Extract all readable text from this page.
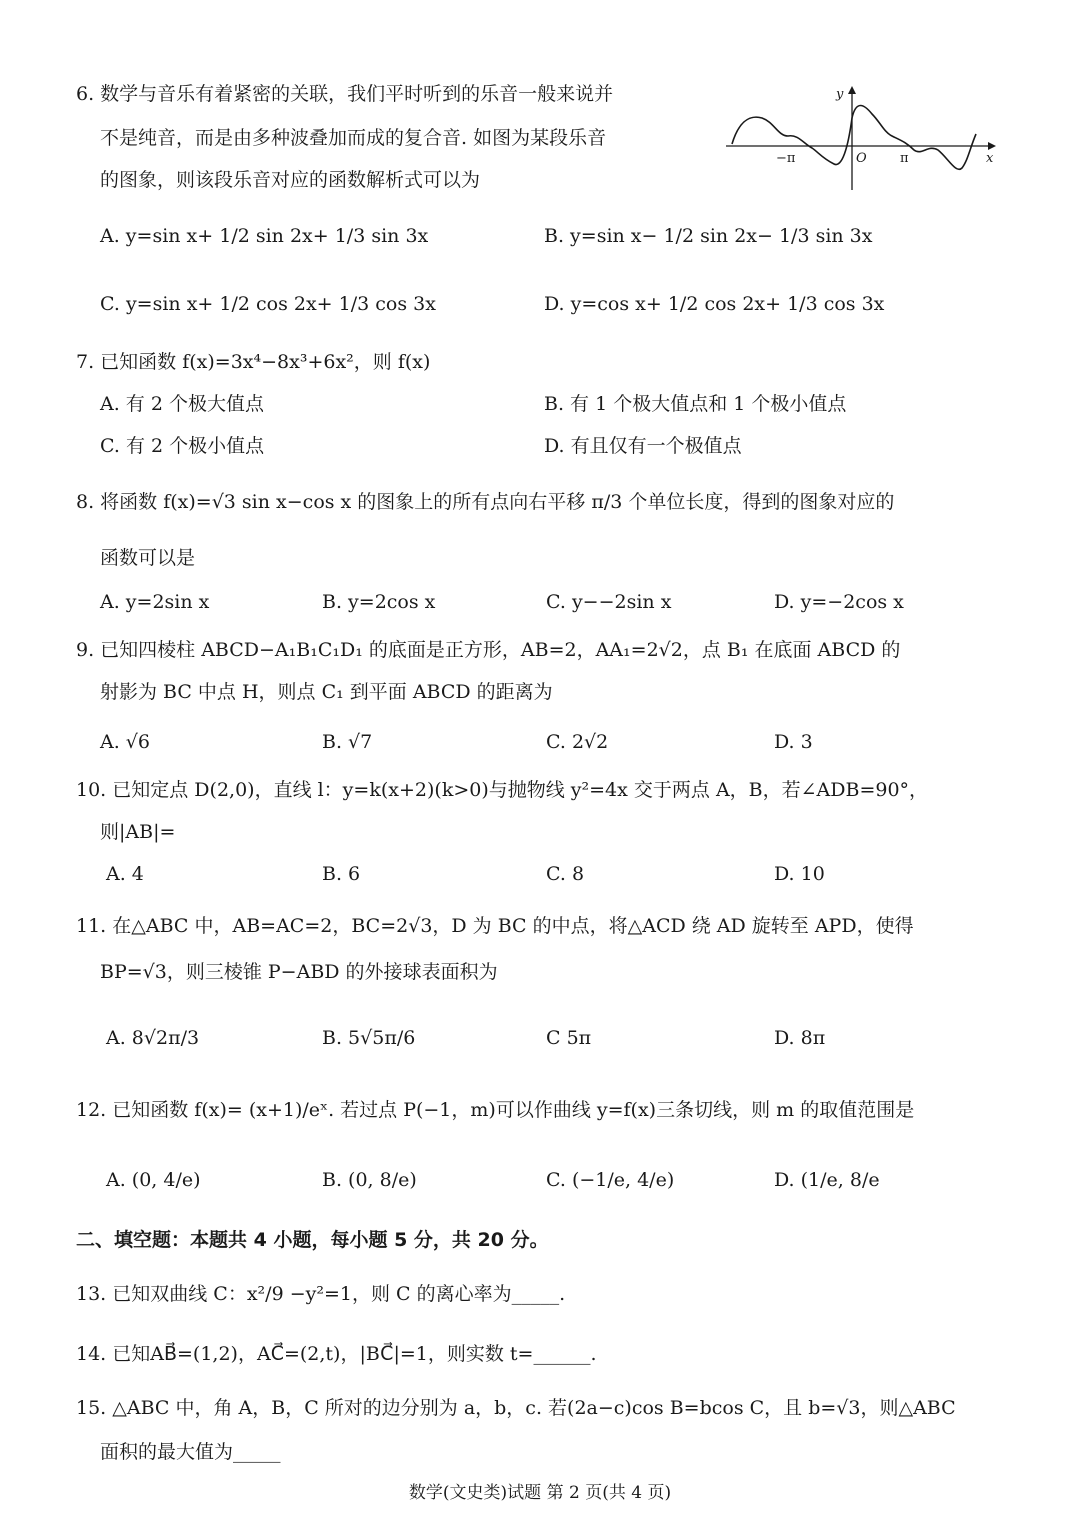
6. 数学与音乐有着紧密的关联，我们平时听到的乐音一般来说并
不是纯音，而是由多种波叠加而成的复合音. 如图为某段乐音
的图象，则该段乐音对应的函数解析式可以为
y
x
O
−π	π
A. y=sin x+ 1/2 sin 2x+ 1/3 sin 3x	B. y=sin x− 1/2 sin 2x− 1/3 sin 3x
C. y=sin x+ 1/2 cos 2x+ 1/3 cos 3x	D. y=cos x+ 1/2 cos 2x+ 1/3 cos 3x
7. 已知函数 f(x)=3x⁴−8x³+6x²，则 f(x)
A. 有 2 个极大值点	B. 有 1 个极大值点和 1 个极小值点
C. 有 2 个极小值点	D. 有且仅有一个极值点
8. 将函数 f(x)=√3 sin x−cos x 的图象上的所有点向右平移 π/3 个单位长度，得到的图象对应的
函数可以是
A. y=2sin x	B. y=2cos x	C. y−−2sin x	D. y=−2cos x
9. 已知四棱柱 ABCD−A₁B₁C₁D₁ 的底面是正方形，AB=2，AA₁=2√2，点 B₁ 在底面 ABCD 的
射影为 BC 中点 H，则点 C₁ 到平面 ABCD 的距离为
A. √6	B. √7	C. 2√2	D. 3
10. 已知定点 D(2,0)，直线 l：y=k(x+2)(k>0)与抛物线 y²=4x 交于两点 A，B，若∠ADB=90°，
则|AB|=
A. 4	B. 6	C. 8	D. 10
11. 在△ABC 中，AB=AC=2，BC=2√3，D 为 BC 的中点，将△ACD 绕 AD 旋转至 APD，使得
BP=√3，则三棱锥 P−ABD 的外接球表面积为
A. 8√2π/3	B. 5√5π/6	C 5π	D. 8π
12. 已知函数 f(x)= (x+1)/eˣ. 若过点 P(−1，m)可以作曲线 y=f(x)三条切线，则 m 的取值范围是
A. (0, 4/e)	B. (0, 8/e)	C. (−1/e, 4/e)	D. (1/e, 8/e
二、填空题：本题共 4 小题，每小题 5 分，共 20 分。
13. 已知双曲线 C：x²/9 −y²=1，则 C 的离心率为_____.
14. 已知AB⃗=(1,2)，AC⃗=(2,t)，|BC⃗|=1，则实数 t=______.
15. △ABC 中，角 A，B，C 所对的边分别为 a，b，c. 若(2a−c)cos B=bcos C，且 b=√3，则△ABC
面积的最大值为_____
数学(文史类)试题 第 2 页(共 4 页)
